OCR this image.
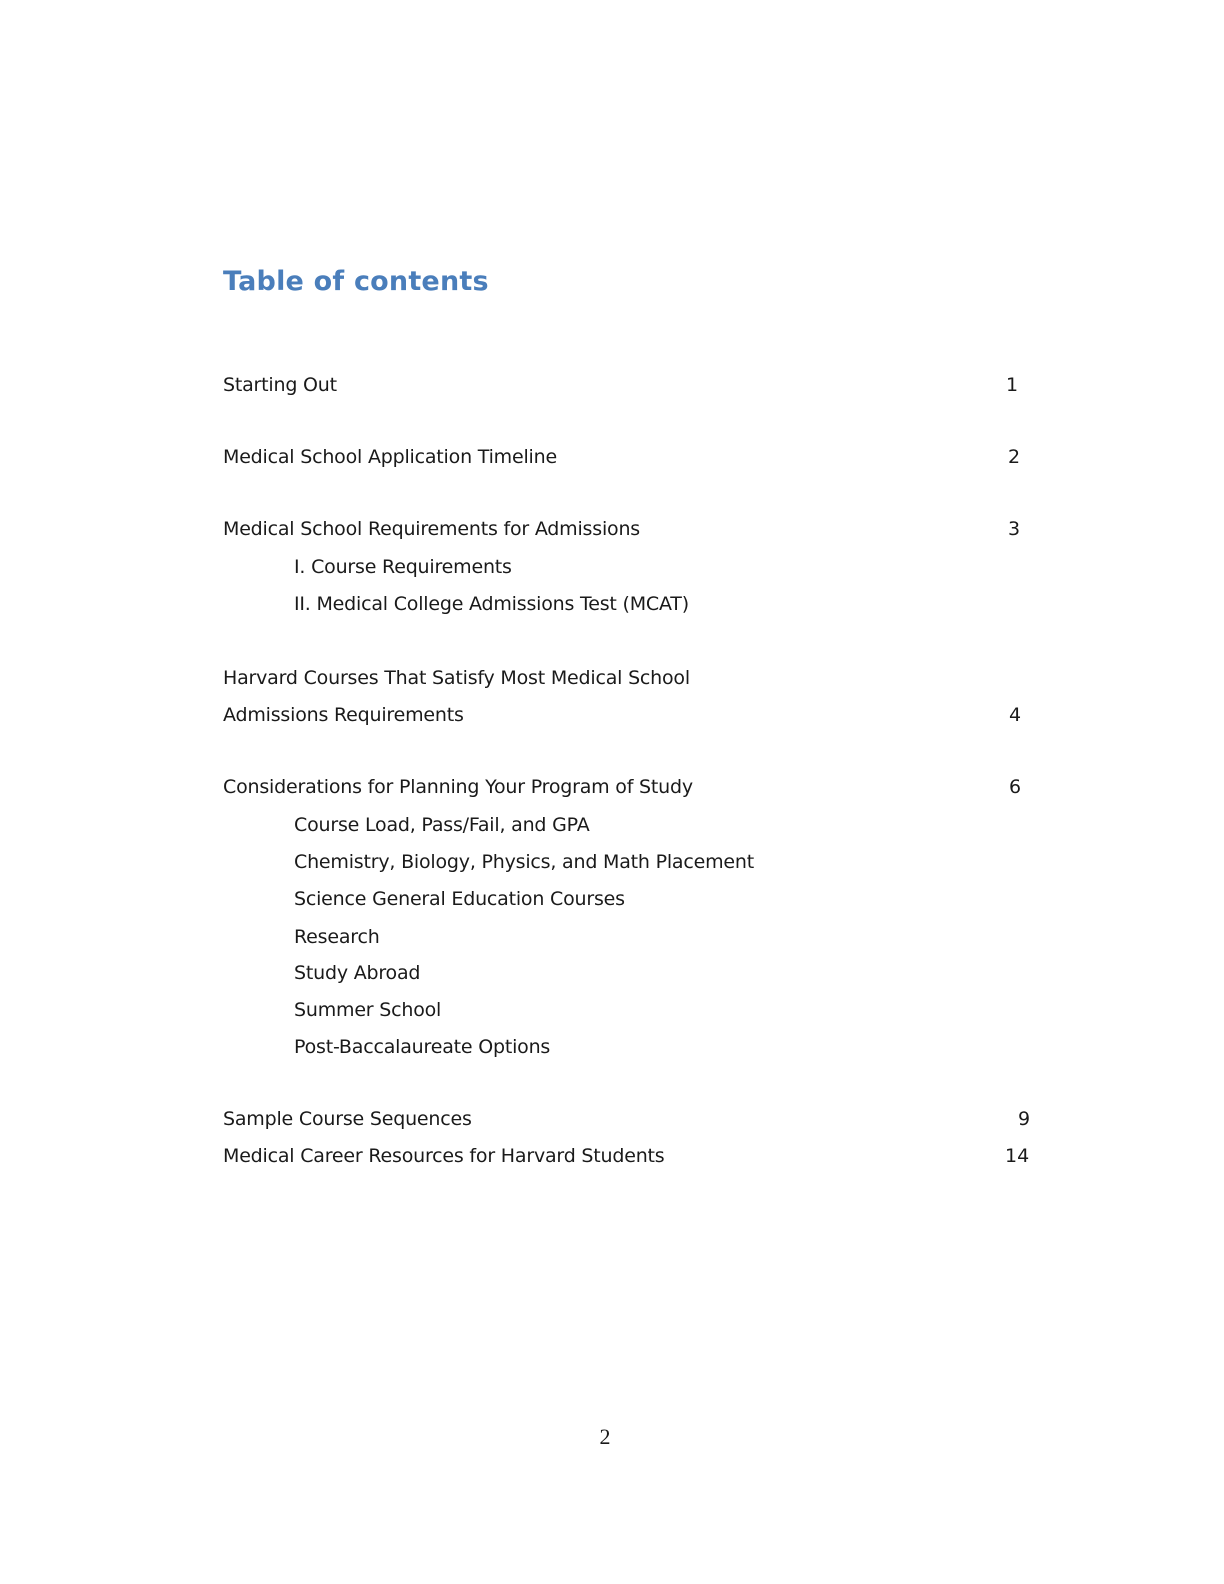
Table of contents
Starting Out	1
Medical School Application Timeline	2
Medical School Requirements for Admissions	3
I. Course Requirements
II. Medical College Admissions Test (MCAT)
Harvard Courses That Satisfy Most Medical School
Admissions Requirements	4
Considerations for Planning Your Program of Study	6
Course Load, Pass/Fail, and GPA
Chemistry, Biology, Physics, and Math Placement
Science General Education Courses
Research
Study Abroad
Summer School
Post-Baccalaureate Options
Sample Course Sequences	9
Medical Career Resources for Harvard Students	14
2
